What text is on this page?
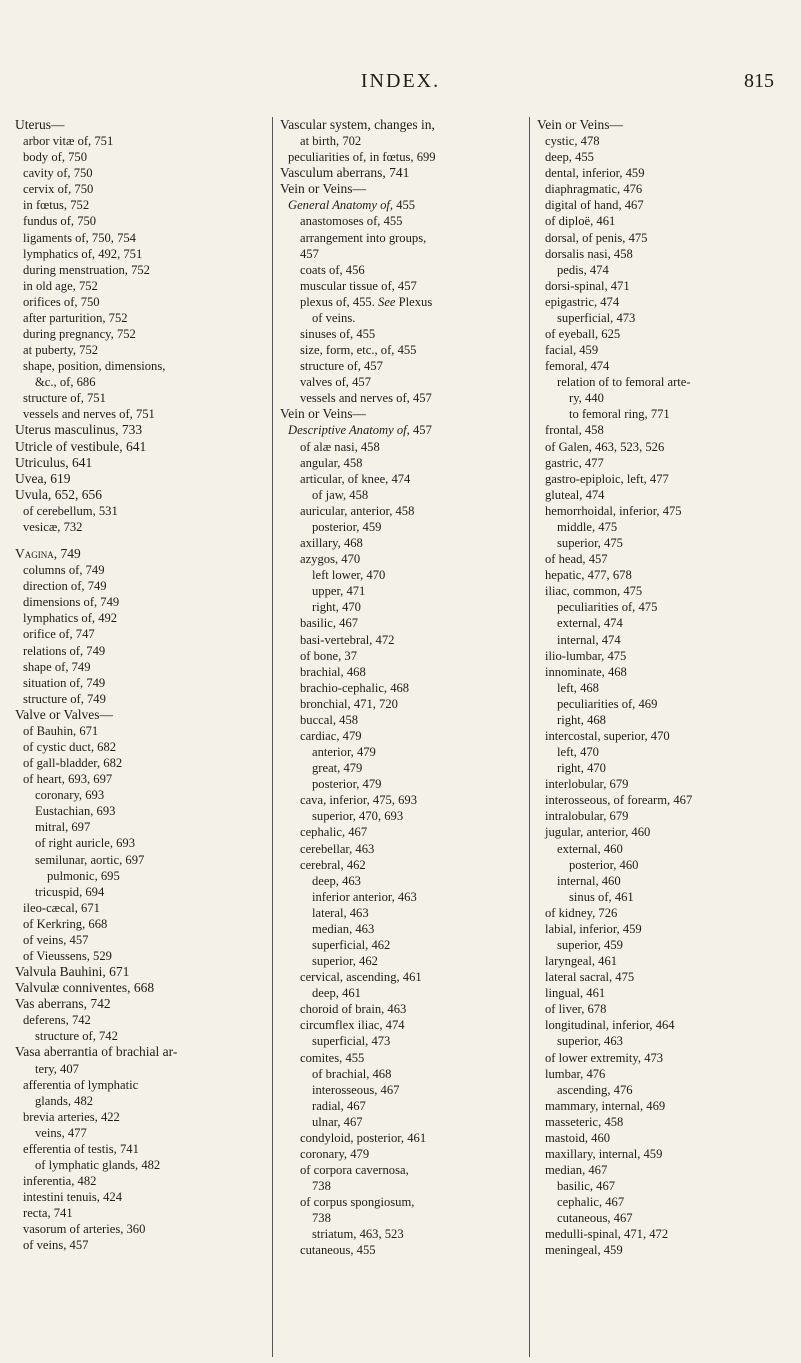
INDEX.	815
Uterus—
arbor vitæ of, 751
body of, 750
cavity of, 750
cervix of, 750
in fœtus, 752
fundus of, 750
ligaments of, 750, 754
lymphatics of, 492, 751
during menstruation, 752
in old age, 752
orifices of, 750
after parturition, 752
during pregnancy, 752
at puberty, 752
shape, position, dimensions,
&c., of, 686
structure of, 751
vessels and nerves of, 751
Uterus masculinus, 733
Utricle of vestibule, 641
Utriculus, 641
Uvea, 619
Uvula, 652, 656
of cerebellum, 531
vesicæ, 732
Vagina, 749
columns of, 749
direction of, 749
dimensions of, 749
lymphatics of, 492
orifice of, 747
relations of, 749
shape of, 749
situation of, 749
structure of, 749
Valve or Valves—
of Bauhin, 671
of cystic duct, 682
of gall-bladder, 682
of heart, 693, 697
coronary, 693
Eustachian, 693
mitral, 697
of right auricle, 693
semilunar, aortic, 697
pulmonic, 695
tricuspid, 694
ileo-cæcal, 671
of Kerkring, 668
of veins, 457
of Vieussens, 529
Valvula Bauhini, 671
Valvulæ conniventes, 668
Vas aberrans, 742
deferens, 742
structure of, 742
Vasa aberrantia of brachial ar-
tery, 407
afferentia of lymphatic
glands, 482
brevia arteries, 422
veins, 477
efferentia of testis, 741
of lymphatic glands, 482
inferentia, 482
intestini tenuis, 424
recta, 741
vasorum of arteries, 360
of veins, 457
Vascular system, changes in,
at birth, 702
peculiarities of, in fœtus, 699
Vasculum aberrans, 741
Vein or Veins—
General Anatomy of, 455
anastomoses of, 455
arrangement into groups,
457
coats of, 456
muscular tissue of, 457
plexus of, 455. See Plexus
of veins.
sinuses of, 455
size, form, etc., of, 455
structure of, 457
valves of, 457
vessels and nerves of, 457
Vein or Veins—
Descriptive Anatomy of, 457
of alæ nasi, 458
angular, 458
articular, of knee, 474
of jaw, 458
auricular, anterior, 458
posterior, 459
axillary, 468
azygos, 470
left lower, 470
upper, 471
right, 470
basilic, 467
basi-vertebral, 472
of bone, 37
brachial, 468
brachio-cephalic, 468
bronchial, 471, 720
buccal, 458
cardiac, 479
anterior, 479
great, 479
posterior, 479
cava, inferior, 475, 693
superior, 470, 693
cephalic, 467
cerebellar, 463
cerebral, 462
deep, 463
inferior anterior, 463
lateral, 463
median, 463
superficial, 462
superior, 462
cervical, ascending, 461
deep, 461
choroid of brain, 463
circumflex iliac, 474
superficial, 473
comites, 455
of brachial, 468
interosseous, 467
radial, 467
ulnar, 467
condyloid, posterior, 461
coronary, 479
of corpora cavernosa,
738
of corpus spongiosum,
738
striatum, 463, 523
cutaneous, 455
Vein or Veins—
cystic, 478
deep, 455
dental, inferior, 459
diaphragmatic, 476
digital of hand, 467
of diploë, 461
dorsal, of penis, 475
dorsalis nasi, 458
pedis, 474
dorsi-spinal, 471
epigastric, 474
superficial, 473
of eyeball, 625
facial, 459
femoral, 474
relation of to femoral arte-
ry, 440
to femoral ring, 771
frontal, 458
of Galen, 463, 523, 526
gastric, 477
gastro-epiploic, left, 477
gluteal, 474
hemorrhoidal, inferior, 475
middle, 475
superior, 475
of head, 457
hepatic, 477, 678
iliac, common, 475
peculiarities of, 475
external, 474
internal, 474
ilio-lumbar, 475
innominate, 468
left, 468
peculiarities of, 469
right, 468
intercostal, superior, 470
left, 470
right, 470
interlobular, 679
interosseous, of forearm, 467
intralobular, 679
jugular, anterior, 460
external, 460
posterior, 460
internal, 460
sinus of, 461
of kidney, 726
labial, inferior, 459
superior, 459
laryngeal, 461
lateral sacral, 475
lingual, 461
of liver, 678
longitudinal, inferior, 464
superior, 463
of lower extremity, 473
lumbar, 476
ascending, 476
mammary, internal, 469
masseteric, 458
mastoid, 460
maxillary, internal, 459
median, 467
basilic, 467
cephalic, 467
cutaneous, 467
medulli-spinal, 471, 472
meningeal, 459
